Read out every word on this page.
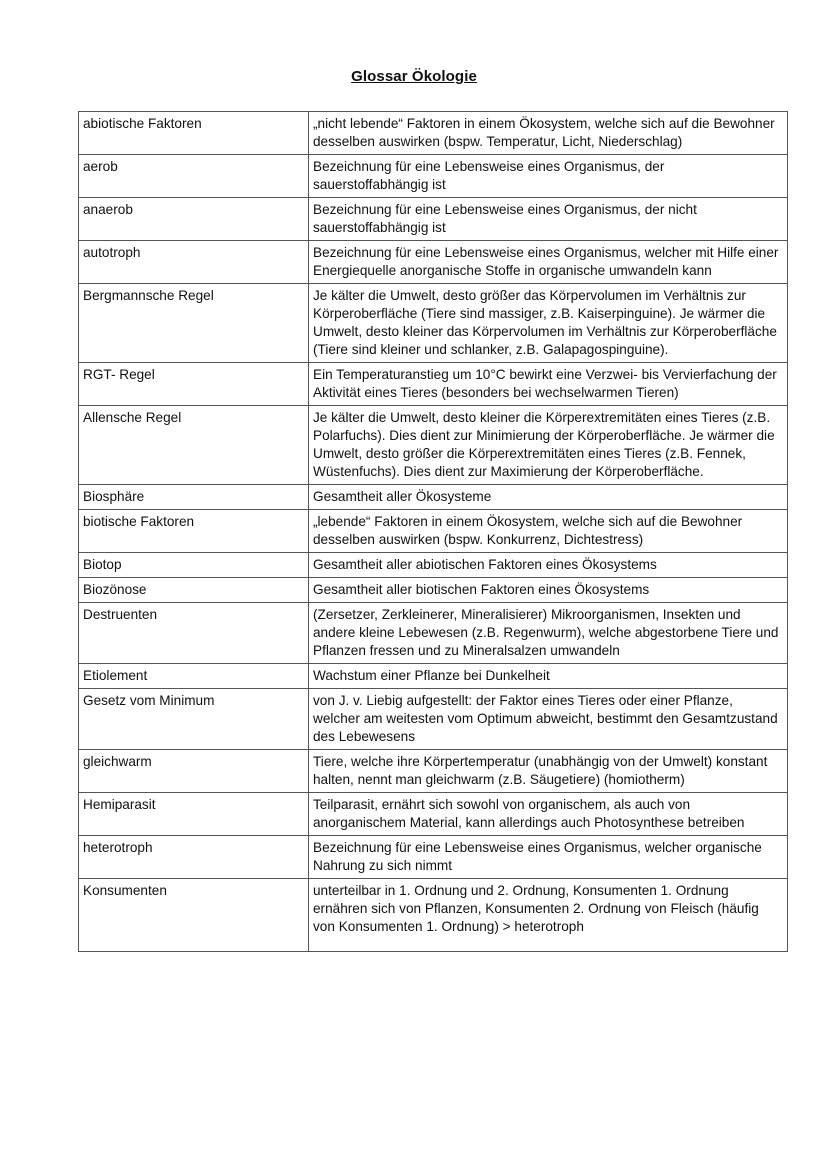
Glossar Ökologie
abiotische Faktoren	„nicht lebende“ Faktoren in einem Ökosystem, welche sich auf die Bewohner desselben auswirken (bspw. Temperatur, Licht, Niederschlag)
aerob	Bezeichnung für eine Lebensweise eines Organismus, der sauerstoffabhängig ist
anaerob	Bezeichnung für eine Lebensweise eines Organismus, der nicht sauerstoffabhängig ist
autotroph	Bezeichnung für eine Lebensweise eines Organismus, welcher mit Hilfe einer Energiequelle anorganische Stoffe in organische umwandeln kann
Bergmannsche Regel	Je kälter die Umwelt, desto größer das Körpervolumen im Verhältnis zur Körperoberfläche (Tiere sind massiger, z.B. Kaiserpinguine). Je wärmer die Umwelt, desto kleiner das Körpervolumen im Verhältnis zur Körperoberfläche (Tiere sind kleiner und schlanker, z.B. Galapagospinguine).
RGT- Regel	Ein Temperaturanstieg um 10°C bewirkt eine Verzwei- bis Vervierfachung der Aktivität eines Tieres (besonders bei wechselwarmen Tieren)
Allensche Regel	Je kälter die Umwelt, desto kleiner die Körperextremitäten eines Tieres (z.B. Polarfuchs). Dies dient zur Minimierung der Körperoberfläche. Je wärmer die Umwelt, desto größer die Körperextremitäten eines Tieres (z.B. Fennek, Wüstenfuchs). Dies dient zur Maximierung der Körperoberfläche.
Biosphäre	Gesamtheit aller Ökosysteme
biotische Faktoren	„lebende“ Faktoren in einem Ökosystem, welche sich auf die Bewohner desselben auswirken (bspw. Konkurrenz, Dichtestress)
Biotop	Gesamtheit aller abiotischen Faktoren eines Ökosystems
Biozönose	Gesamtheit aller biotischen Faktoren eines Ökosystems
Destruenten	(Zersetzer, Zerkleinerer, Mineralisierer) Mikroorganismen, Insekten und andere kleine Lebewesen (z.B. Regenwurm), welche abgestorbene Tiere und Pflanzen fressen und zu Mineralsalzen umwandeln
Etiolement	Wachstum einer Pflanze bei Dunkelheit
Gesetz vom Minimum	von J. v. Liebig aufgestellt: der Faktor eines Tieres oder einer Pflanze, welcher am weitesten vom Optimum abweicht, bestimmt den Gesamtzustand des Lebewesens
gleichwarm	Tiere, welche ihre Körpertemperatur (unabhängig von der Umwelt) konstant halten, nennt man gleichwarm (z.B. Säugetiere) (homiotherm)
Hemiparasit	Teilparasit, ernährt sich sowohl von organischem, als auch von anorganischem Material, kann allerdings auch Photosynthese betreiben
heterotroph	Bezeichnung für eine Lebensweise eines Organismus, welcher organische Nahrung zu sich nimmt
Konsumenten	unterteilbar in 1. Ordnung und 2. Ordnung, Konsumenten 1. Ordnung ernähren sich von Pflanzen, Konsumenten 2. Ordnung von Fleisch (häufig von Konsumenten 1. Ordnung) > heterotroph
